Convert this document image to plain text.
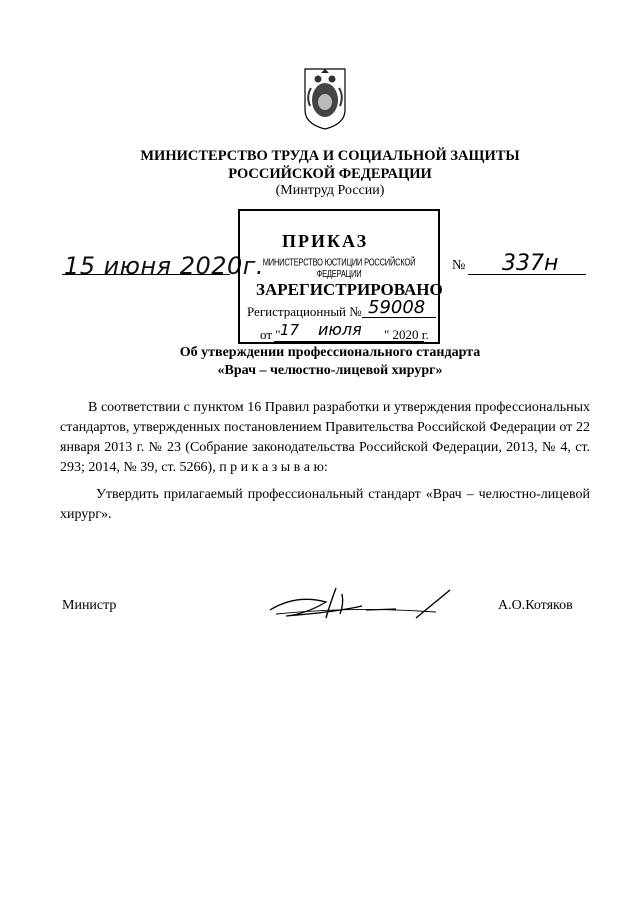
МИНИСТЕРСТВО ТРУДА И СОЦИАЛЬНОЙ ЗАЩИТЫ
РОССИЙСКОЙ ФЕДЕРАЦИИ
(Минтруд России)
ПРИКАЗ
15 июня 2020г.	№ 337н
МИНИСТЕРСТВО ЮСТИЦИИ РОССИЙСКОЙ ФЕДЕРАЦИИ
ЗАРЕГИСТРИРОВАНО
Регистрационный № 59008
от " 17 июля " 2020 г.
Об утверждении профессионального стандарта
«Врач – челюстно-лицевой хирург»
В соответствии с пунктом 16 Правил разработки и утверждения профессиональных стандартов, утвержденных постановлением Правительства Российской Федерации от 22 января 2013 г. № 23 (Собрание законодательства Российской Федерации, 2013, № 4, ст. 293; 2014, № 39, ст. 5266), п р и к а з ы в а ю:
Утвердить прилагаемый профессиональный стандарт «Врач – челюстно-лицевой хирург».
Министр	А.О.Котяков
